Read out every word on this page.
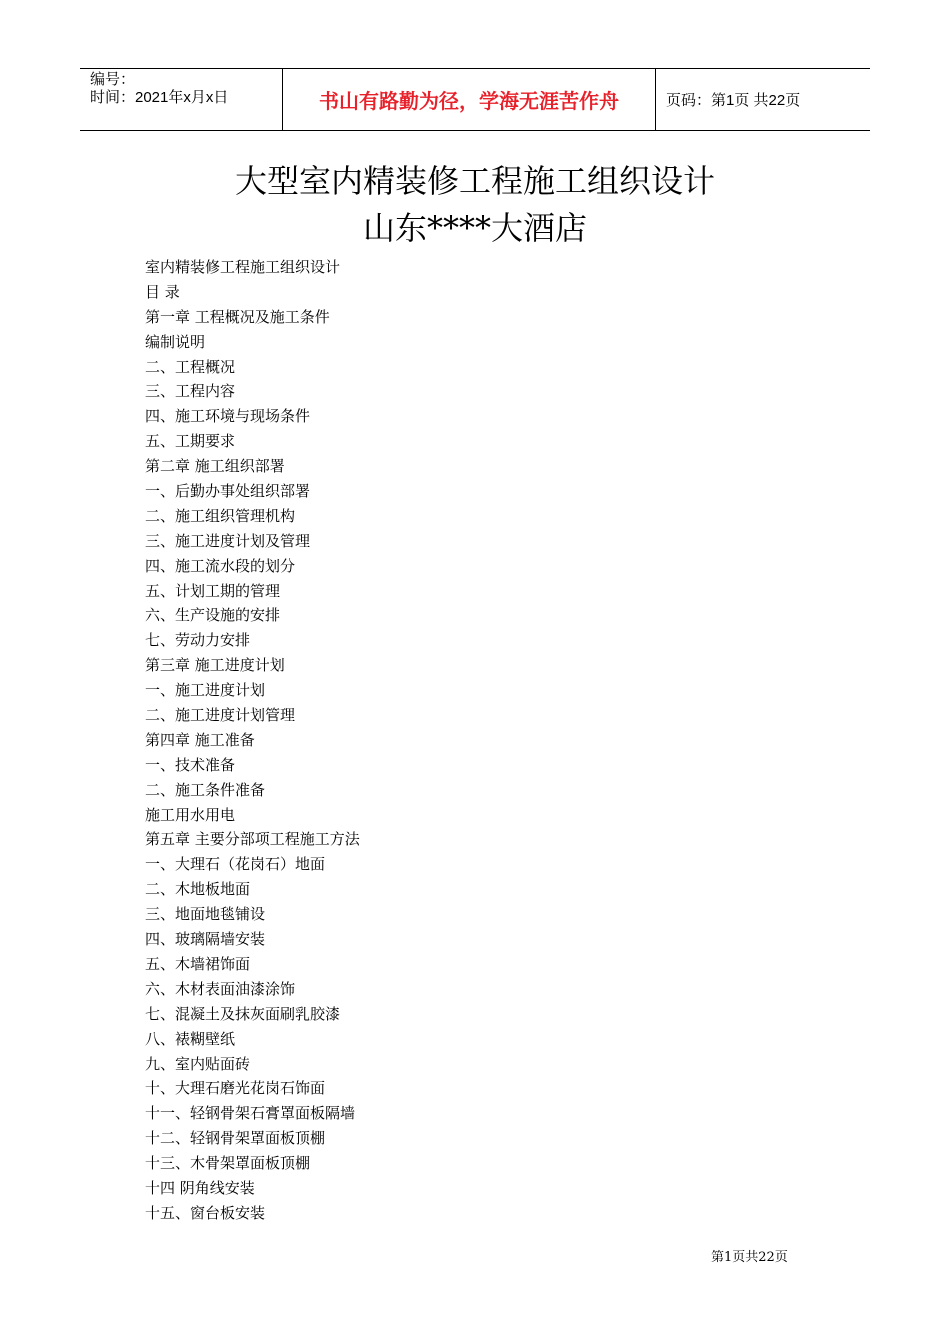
编号：
时间：2021年x月x日	书山有路勤为径，学海无涯苦作舟	页码：第1页 共22页
大型室内精装修工程施工组织设计
山东****大酒店
室内精装修工程施工组织设计
目 录
第一章 工程概况及施工条件
编制说明
二、工程概况
三、工程内容
四、施工环境与现场条件
五、工期要求
第二章 施工组织部署
一、后勤办事处组织部署
二、施工组织管理机构
三、施工进度计划及管理
四、施工流水段的划分
五、计划工期的管理
六、生产设施的安排
七、劳动力安排
第三章 施工进度计划
一、施工进度计划
二、施工进度计划管理
第四章 施工准备
一、技术准备
二、施工条件准备
施工用水用电
第五章 主要分部项工程施工方法
一、大理石（花岗石）地面
二、木地板地面
三、地面地毯铺设
四、玻璃隔墙安装
五、木墙裙饰面
六、木材表面油漆涂饰
七、混凝土及抹灰面刷乳胶漆
八、裱糊壁纸
九、室内贴面砖
十、大理石磨光花岗石饰面
十一、轻钢骨架石膏罩面板隔墙
十二、轻钢骨架罩面板顶棚
十三、木骨架罩面板顶棚
十四 阴角线安装
十五、窗台板安装
第1页共22页
